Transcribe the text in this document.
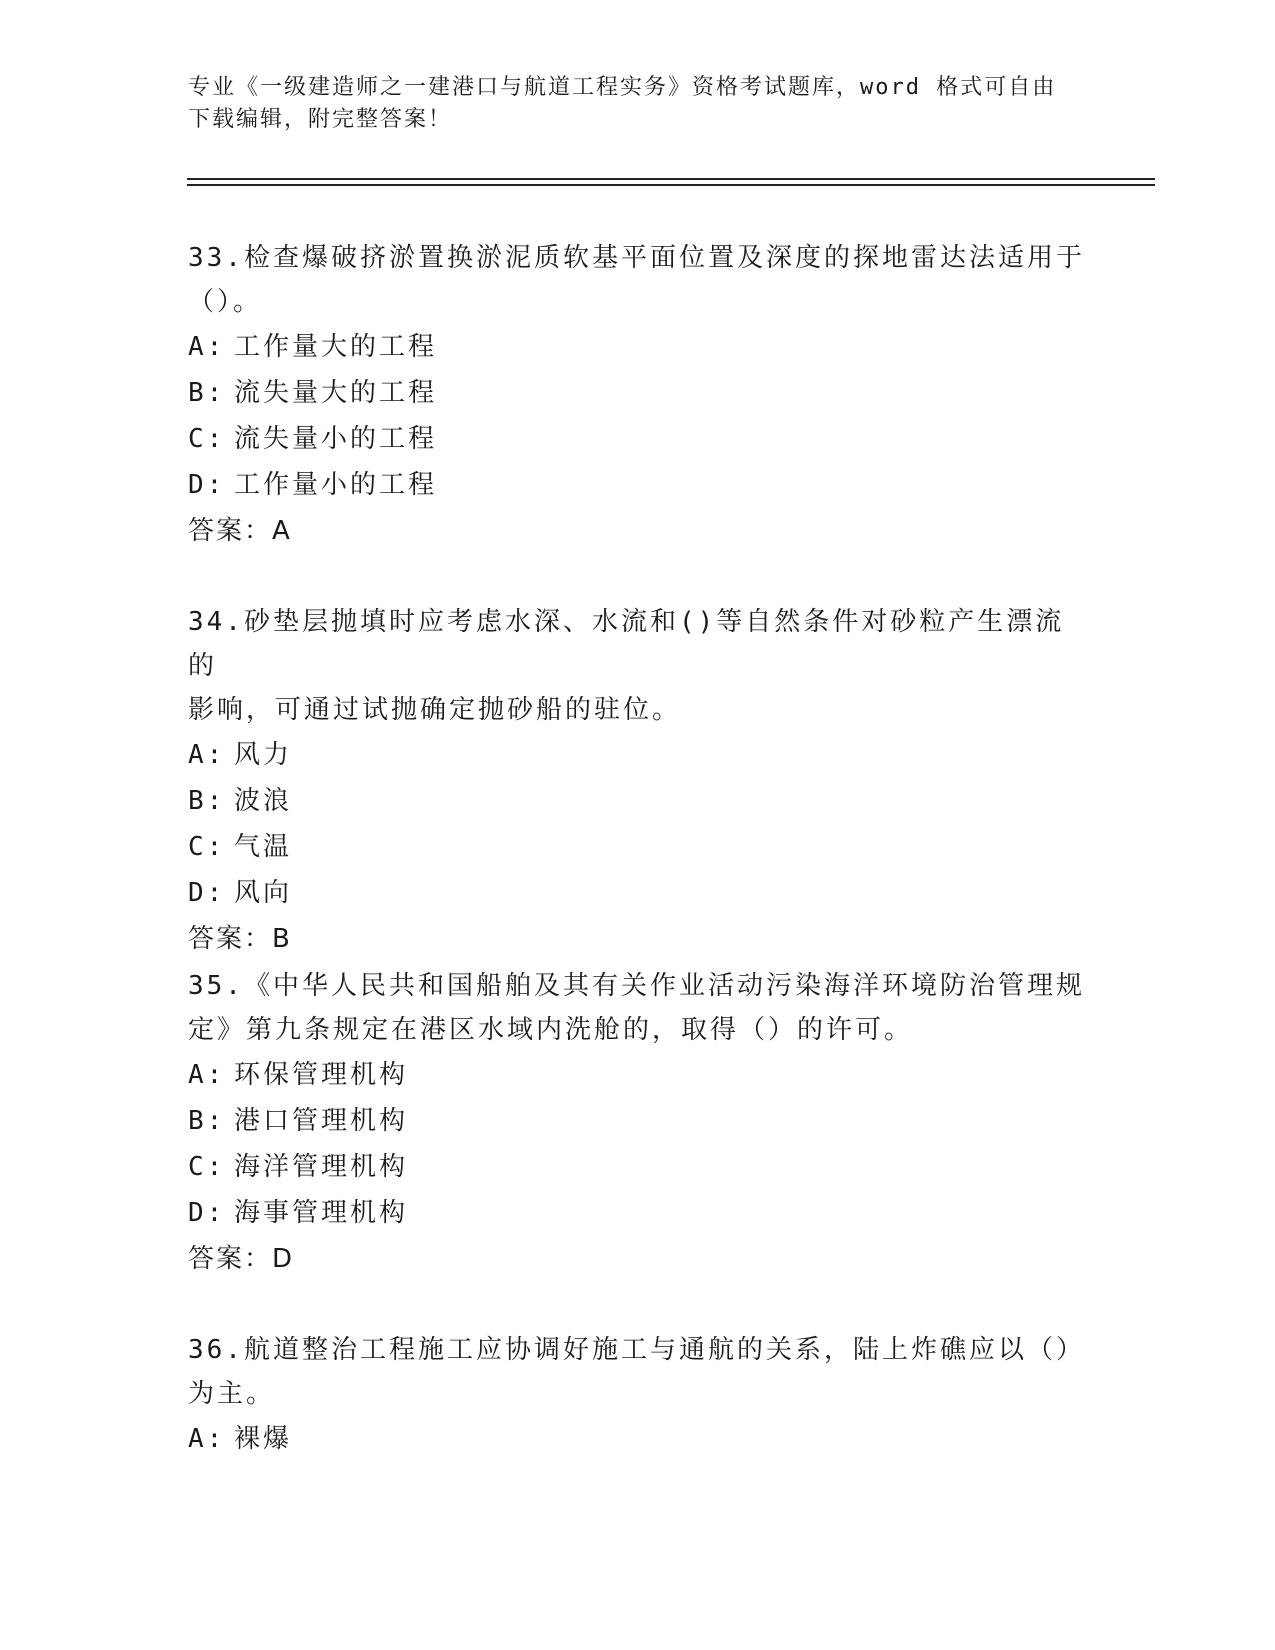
专业《一级建造师之一建港口与航道工程实务》资格考试题库，word 格式可自由

下载编辑，附完整答案！

33.检查爆破挤淤置换淤泥质软基平面位置及深度的探地雷达法适用于

（）。

A: 工作量大的工程

B: 流失量大的工程

C: 流失量小的工程

D: 工作量小的工程

答案：A

34.砂垫层抛填时应考虑水深、水流和()等自然条件对砂粒产生漂流的

影响，可通过试抛确定抛砂船的驻位。

A: 风力

B: 波浪

C: 气温

D: 风向

答案：B

35.《中华人民共和国船舶及其有关作业活动污染海洋环境防治管理规

定》第九条规定在港区水域内洗舱的，取得（）的许可。

A: 环保管理机构

B: 港口管理机构

C: 海洋管理机构

D: 海事管理机构

答案：D

36.航道整治工程施工应协调好施工与通航的关系，陆上炸礁应以（）

为主。

A: 裸爆
